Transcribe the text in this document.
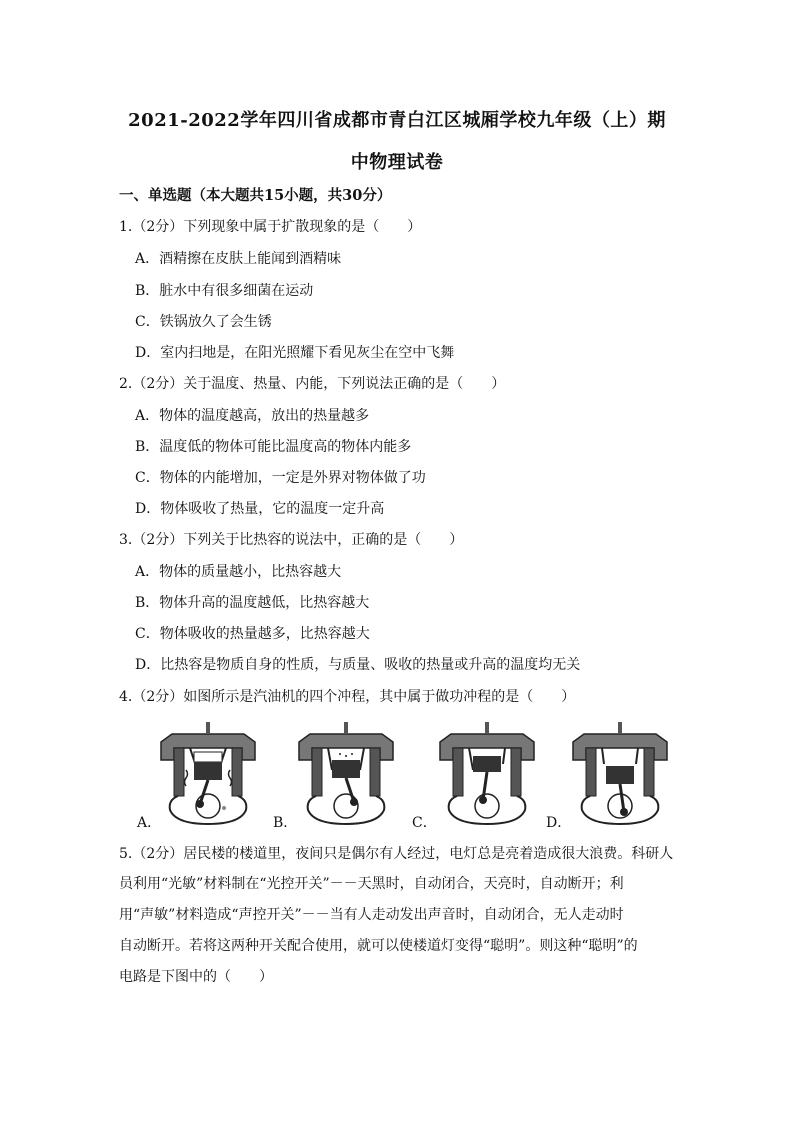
2021-2022学年四川省成都市青白江区城厢学校九年级（上）期
中物理试卷
一、单选题（本大题共15小题，共30分）
1.（2分）下列现象中属于扩散现象的是（　　）
A．酒精擦在皮肤上能闻到酒精味
B．脏水中有很多细菌在运动
C．铁锅放久了会生锈
D．室内扫地是，在阳光照耀下看见灰尘在空中飞舞
2.（2分）关于温度、热量、内能，下列说法正确的是（　　）
A．物体的温度越高，放出的热量越多
B．温度低的物体可能比温度高的物体内能多
C．物体的内能增加，一定是外界对物体做了功
D．物体吸收了热量，它的温度一定升高
3.（2分）下列关于比热容的说法中，正确的是（　　）
A．物体的质量越小，比热容越大
B．物体升高的温度越低，比热容越大
C．物体吸收的热量越多，比热容越大
D．比热容是物质自身的性质，与质量、吸收的热量或升高的温度均无关
4.（2分）如图所示是汽油机的四个冲程，其中属于做功冲程的是（　　）
A．	B．	C．	D．
5.（2分）居民楼的楼道里，夜间只是偶尔有人经过，电灯总是亮着造成很大浪费。科研人
员利用“光敏”材料制在“光控开关”－－天黑时，自动闭合，天亮时，自动断开；利
用“声敏”材料造成“声控开关”－－当有人走动发出声音时，自动闭合，无人走动时
自动断开。若将这两种开关配合使用，就可以使楼道灯变得“聪明”。则这种“聪明”的
电路是下图中的（　　）
